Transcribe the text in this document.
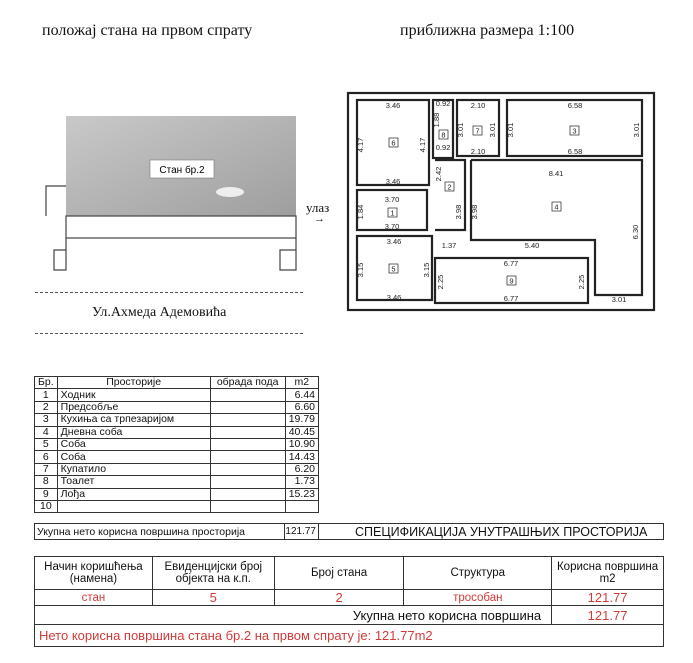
положај стана на првом спрату	приближна размера 1:100
Стан бр.2
Ул.Ахмеда Адемовића
улаз
→
3.46
3.46
4.17	4.17
0.92
0.92
1.88
2.10
2.10
3.01	3.01
6.58
6.58
3.01	3.01
2.42
3.98
8.41
5.40
6.30
3.98
3.70
3.70
1.84
3.46
3.46
3.15	3.15	6.77
6.77
2.25	2.25
1.37
3.01
6
8	7	3
2
4
1
5
9
Бр.	Просторије	обрада пода	m2
1	Ходник		6.44
2	Предсобље		6.60
3	Кухиња са трпезаријом		19.79
4	Дневна соба		40.45
5	Соба		10.90
6	Соба		14.43
7	Купатило		6.20
8	Тоалет		1.73
9	Лођа		15.23
10			
Укупна нето корисна површина просторија	121.77	СПЕЦИФИКАЦИЈА УНУТРАШЊИХ ПРОСТОРИЈА
Начин коришћења (намена)	Евиденцијски број објекта на к.п.	Број стана	Структура	Корисна површина m2
стан	5	2	трособан	121.77
Укупна нето корисна површина				121.77
Нето корисна површина стана бр.2 на првом спрату је: 121.77m2				
